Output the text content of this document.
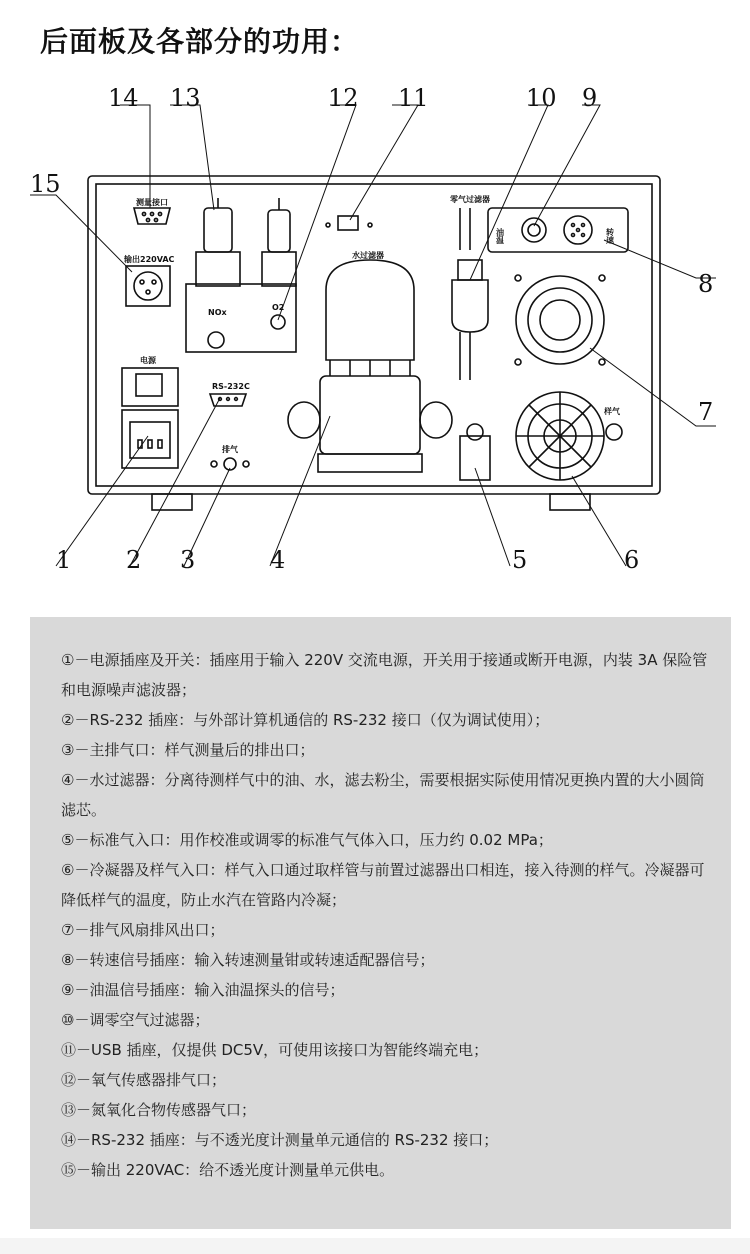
后面板及各部分的功用：
测量接口
输出220VAC
电源
RS-232C
排气
NOx
O2
水过滤器
零气过滤器
油温	转速
样气
14 13	12 11	10 9
15
8
7
1 2 3	4	5	6
①－电源插座及开关：插座用于输入 220V 交流电源，开关用于接通或断开电源，内装 3A 保险管和电源噪声滤波器；
②－RS-232 插座：与外部计算机通信的 RS-232 接口（仅为调试使用）；
③－主排气口：样气测量后的排出口；
④－水过滤器：分离待测样气中的油、水，滤去粉尘，需要根据实际使用情况更换内置的大小圆筒滤芯。
⑤－标准气入口：用作校准或调零的标准气气体入口，压力约 0.02 MPa；
⑥－冷凝器及样气入口：样气入口通过取样管与前置过滤器出口相连，接入待测的样气。冷凝器可降低样气的温度，防止水汽在管路内冷凝；
⑦－排气风扇排风出口；
⑧－转速信号插座：输入转速测量钳或转速适配器信号；
⑨－油温信号插座：输入油温探头的信号；
⑩－调零空气过滤器；
⑪－USB 插座，仅提供 DC5V，可使用该接口为智能终端充电；
⑫－氧气传感器排气口；
⑬－氮氧化合物传感器气口；
⑭－RS-232 插座：与不透光度计测量单元通信的 RS-232 接口；
⑮－输出 220VAC：给不透光度计测量单元供电。
